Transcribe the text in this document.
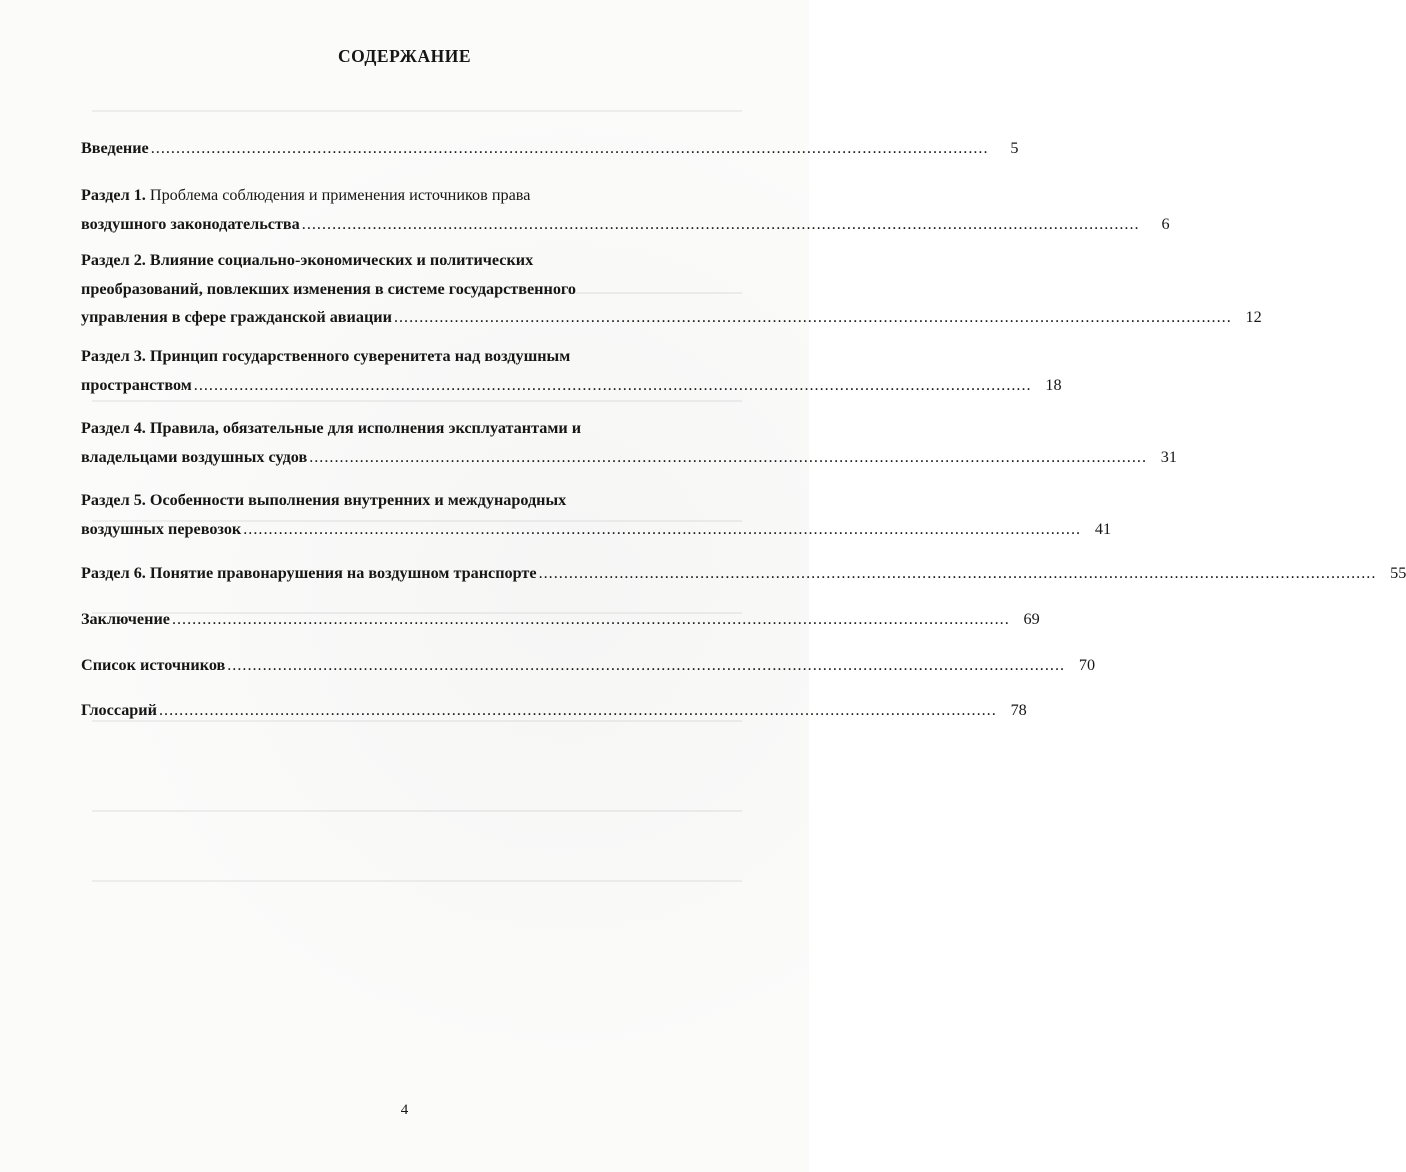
СОДЕРЖАНИЕ
Введение ......................................................................................................................................................................	5
Раздел 1. Проблема соблюдения и применения источников права
воздушного законодательства ......................................................................................................................................................................	6
Раздел 2. Влияние социально-экономических и политических
преобразований, повлекших изменения в системе государственного
управления в сфере гражданской авиации ...................................................................................................................................................................... 12
Раздел 3. Принцип государственного суверенитета над воздушным
пространством ...................................................................................................................................................................... 18
Раздел 4. Правила, обязательные для исполнения эксплуатантами и
владельцами воздушных судов ...................................................................................................................................................................... 31
Раздел 5. Особенности выполнения внутренних и международных
воздушных перевозок ...................................................................................................................................................................... 41
Раздел 6. Понятие правонарушения на воздушном транспорте ...................................................................................................................................................................... 55
Заключение ...................................................................................................................................................................... 69
Список источников ...................................................................................................................................................................... 70
Глоссарий ...................................................................................................................................................................... 78
4
